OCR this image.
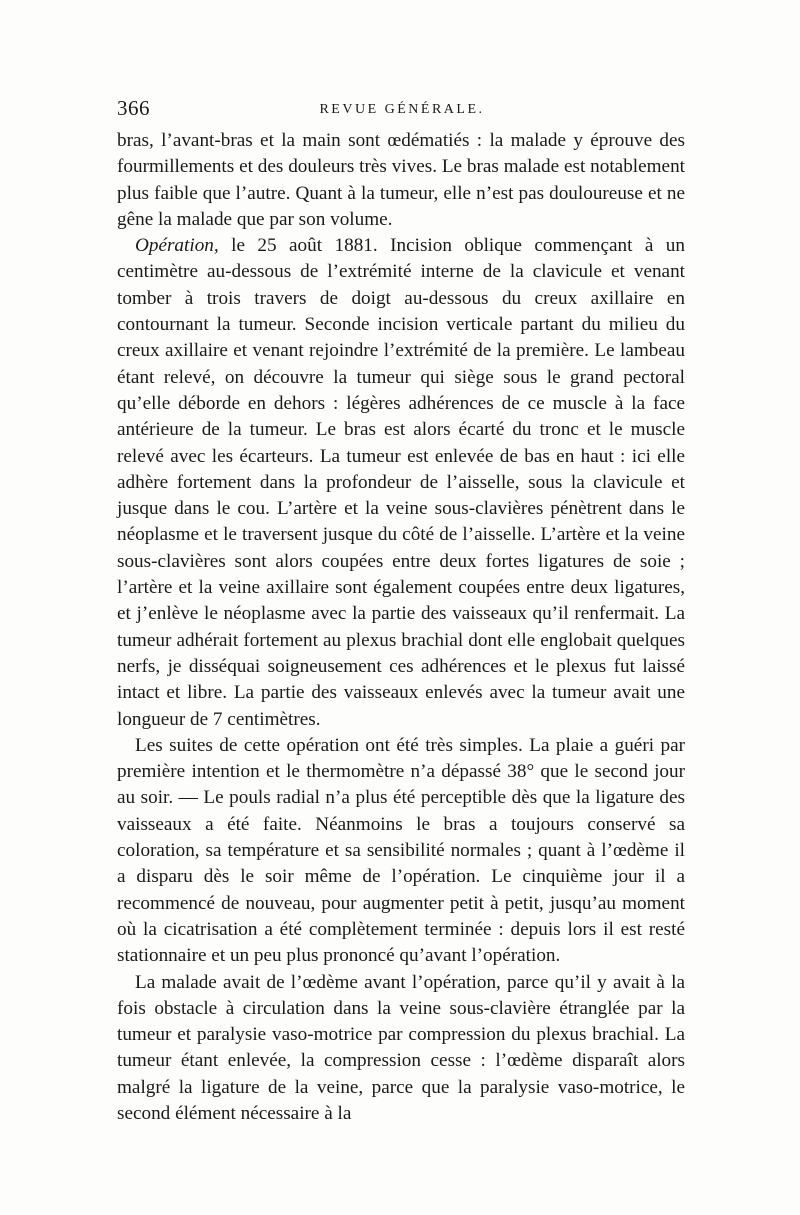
366	REVUE GÉNÉRALE.

bras, l’avant-bras et la main sont œdématiés : la malade y éprouve des fourmillements et des douleurs très vives. Le bras malade est notablement plus faible que l’autre. Quant à la tumeur, elle n’est pas douloureuse et ne gêne la malade que par son volume.

Opération, le 25 août 1881. Incision oblique commençant à un centimètre au-dessous de l’extrémité interne de la clavicule et venant tomber à trois travers de doigt au-dessous du creux axillaire en contournant la tumeur. Seconde incision verticale partant du milieu du creux axillaire et venant rejoindre l’extrémité de la première. Le lambeau étant relevé, on découvre la tumeur qui siège sous le grand pectoral qu’elle déborde en dehors : légères adhérences de ce muscle à la face antérieure de la tumeur. Le bras est alors écarté du tronc et le muscle relevé avec les écarteurs. La tumeur est enlevée de bas en haut : ici elle adhère fortement dans la profondeur de l’aisselle, sous la clavicule et jusque dans le cou. L’artère et la veine sous-clavières pénètrent dans le néoplasme et le traversent jusque du côté de l’aisselle. L’artère et la veine sous-clavières sont alors coupées entre deux fortes ligatures de soie ; l’artère et la veine axillaire sont également coupées entre deux ligatures, et j’enlève le néoplasme avec la partie des vaisseaux qu’il renfermait. La tumeur adhérait fortement au plexus brachial dont elle englobait quelques nerfs, je disséquai soigneusement ces adhérences et le plexus fut laissé intact et libre. La partie des vaisseaux enlevés avec la tumeur avait une longueur de 7 centimètres.

Les suites de cette opération ont été très simples. La plaie a guéri par première intention et le thermomètre n’a dépassé 38° que le second jour au soir. — Le pouls radial n’a plus été perceptible dès que la ligature des vaisseaux a été faite. Néanmoins le bras a toujours conservé sa coloration, sa température et sa sensibilité normales ; quant à l’œdème il a disparu dès le soir même de l’opération. Le cinquième jour il a recommencé de nouveau, pour augmenter petit à petit, jusqu’au moment où la cicatrisation a été complètement terminée : depuis lors il est resté stationnaire et un peu plus prononcé qu’avant l’opération.

La malade avait de l’œdème avant l’opération, parce qu’il y avait à la fois obstacle à circulation dans la veine sous-clavière étranglée par la tumeur et paralysie vaso-motrice par compression du plexus brachial. La tumeur étant enlevée, la compression cesse : l’œdème disparaît alors malgré la ligature de la veine, parce que la paralysie vaso-motrice, le second élément nécessaire à la
